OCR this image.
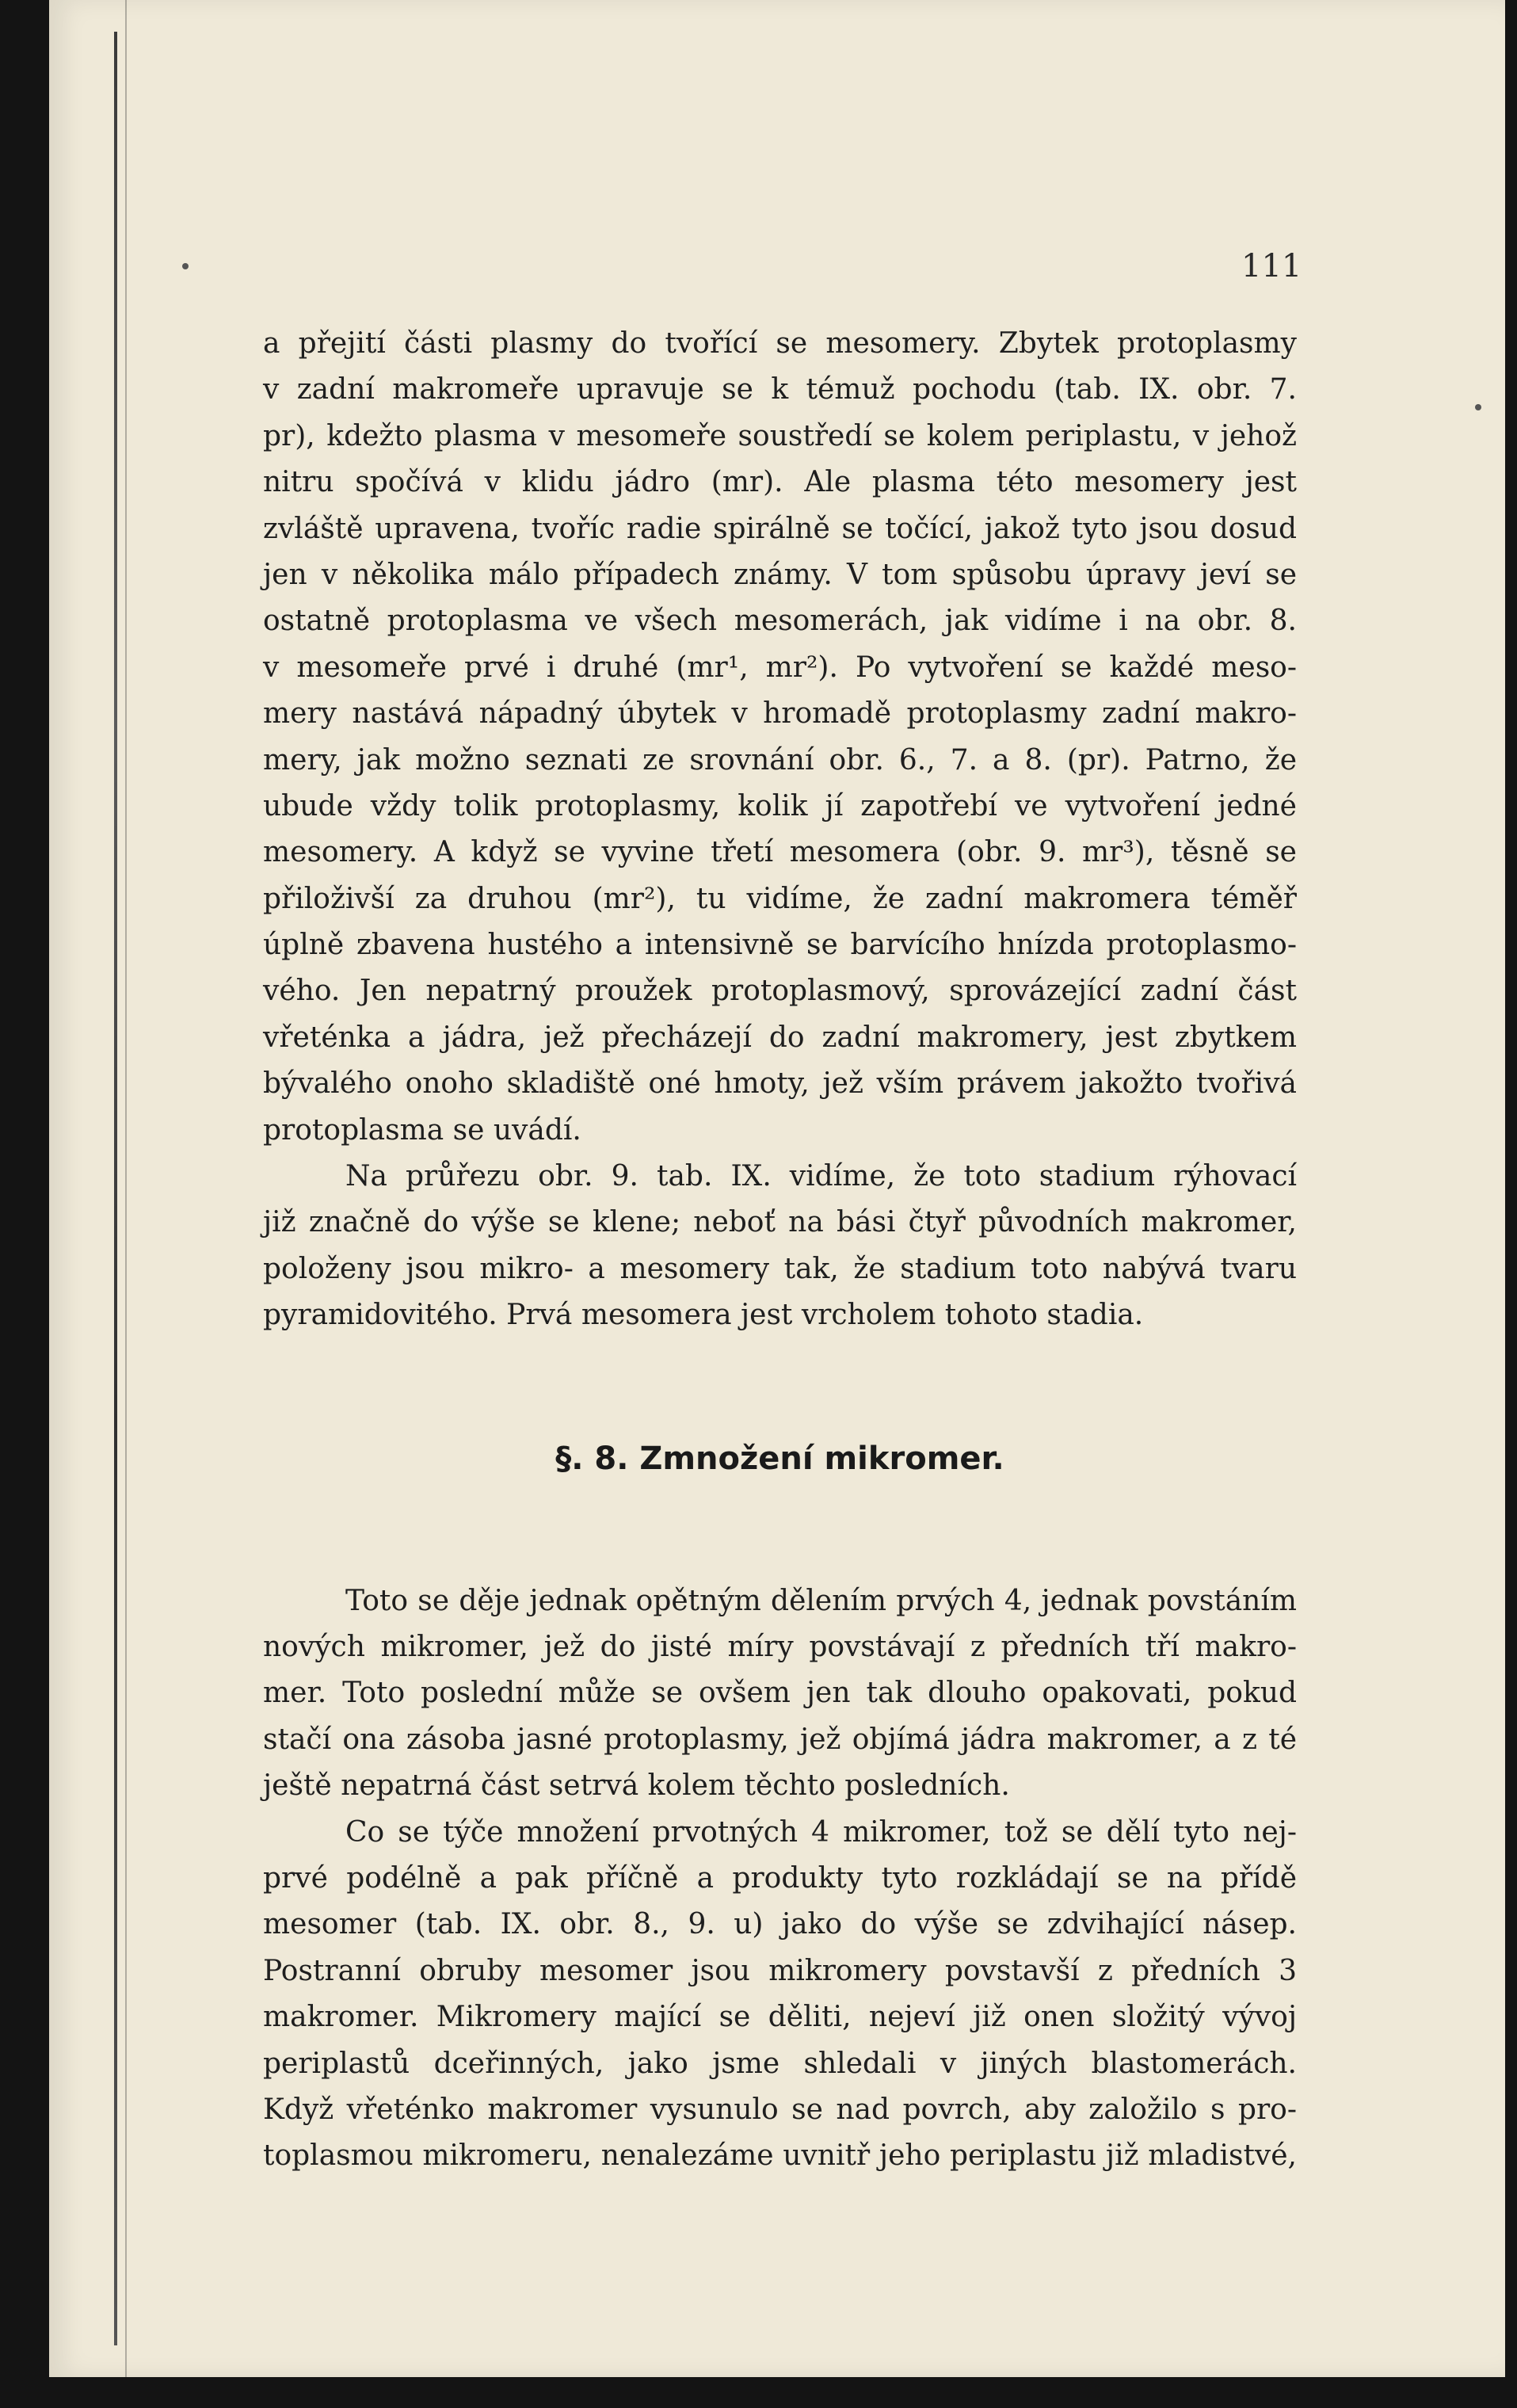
111
a přejití části plasmy do tvořící se mesomery. Zbytek protoplasmy
v zadní makromeře upravuje se k témuž pochodu (tab. IX. obr. 7.
pr), kdežto plasma v mesomeře soustředí se kolem periplastu, v jehož
nitru spočívá v klidu jádro (mr). Ale plasma této mesomery jest
zvláště upravena, tvoříc radie spirálně se točící, jakož tyto jsou dosud
jen v několika málo případech známy. V tom spůsobu úpravy jeví se
ostatně protoplasma ve všech mesomerách, jak vidíme i na obr. 8.
v mesomeře prvé i druhé (mr¹, mr²). Po vytvoření se každé meso-
mery nastává nápadný úbytek v hromadě protoplasmy zadní makro-
mery, jak možno seznati ze srovnání obr. 6., 7. a 8. (pr). Patrno, že
ubude vždy tolik protoplasmy, kolik jí zapotřebí ve vytvoření jedné
mesomery. A když se vyvine třetí mesomera (obr. 9. mr³), těsně se
přiloživší za druhou (mr²), tu vidíme, že zadní makromera téměř
úplně zbavena hustého a intensivně se barvícího hnízda protoplasmo-
vého. Jen nepatrný proužek protoplasmový, sprovázející zadní část
vřeténka a jádra, jež přecházejí do zadní makromery, jest zbytkem
bývalého onoho skladiště oné hmoty, jež vším právem jakožto tvořivá
protoplasma se uvádí.
Na průřezu obr. 9. tab. IX. vidíme, že toto stadium rýhovací
již značně do výše se klene; neboť na bási čtyř původních makromer,
položeny jsou mikro- a mesomery tak, že stadium toto nabývá tvaru
pyramidovitého. Prvá mesomera jest vrcholem tohoto stadia.
§. 8. Zmnožení mikromer.
Toto se děje jednak opětným dělením prvých 4, jednak povstáním
nových mikromer, jež do jisté míry povstávají z předních tří makro-
mer. Toto poslední může se ovšem jen tak dlouho opakovati, pokud
stačí ona zásoba jasné protoplasmy, jež objímá jádra makromer, a z té
ještě nepatrná část setrvá kolem těchto posledních.
Co se týče množení prvotných 4 mikromer, tož se dělí tyto nej-
prvé podélně a pak příčně a produkty tyto rozkládají se na přídě
mesomer (tab. IX. obr. 8., 9. u) jako do výše se zdvihající násep.
Postranní obruby mesomer jsou mikromery povstavší z předních 3
makromer. Mikromery mající se děliti, nejeví již onen složitý vývoj
periplastů dceřinných, jako jsme shledali v jiných blastomerách.
Když vřeténko makromer vysunulo se nad povrch, aby založilo s pro-
toplasmou mikromeru, nenalezáme uvnitř jeho periplastu již mladistvé,
